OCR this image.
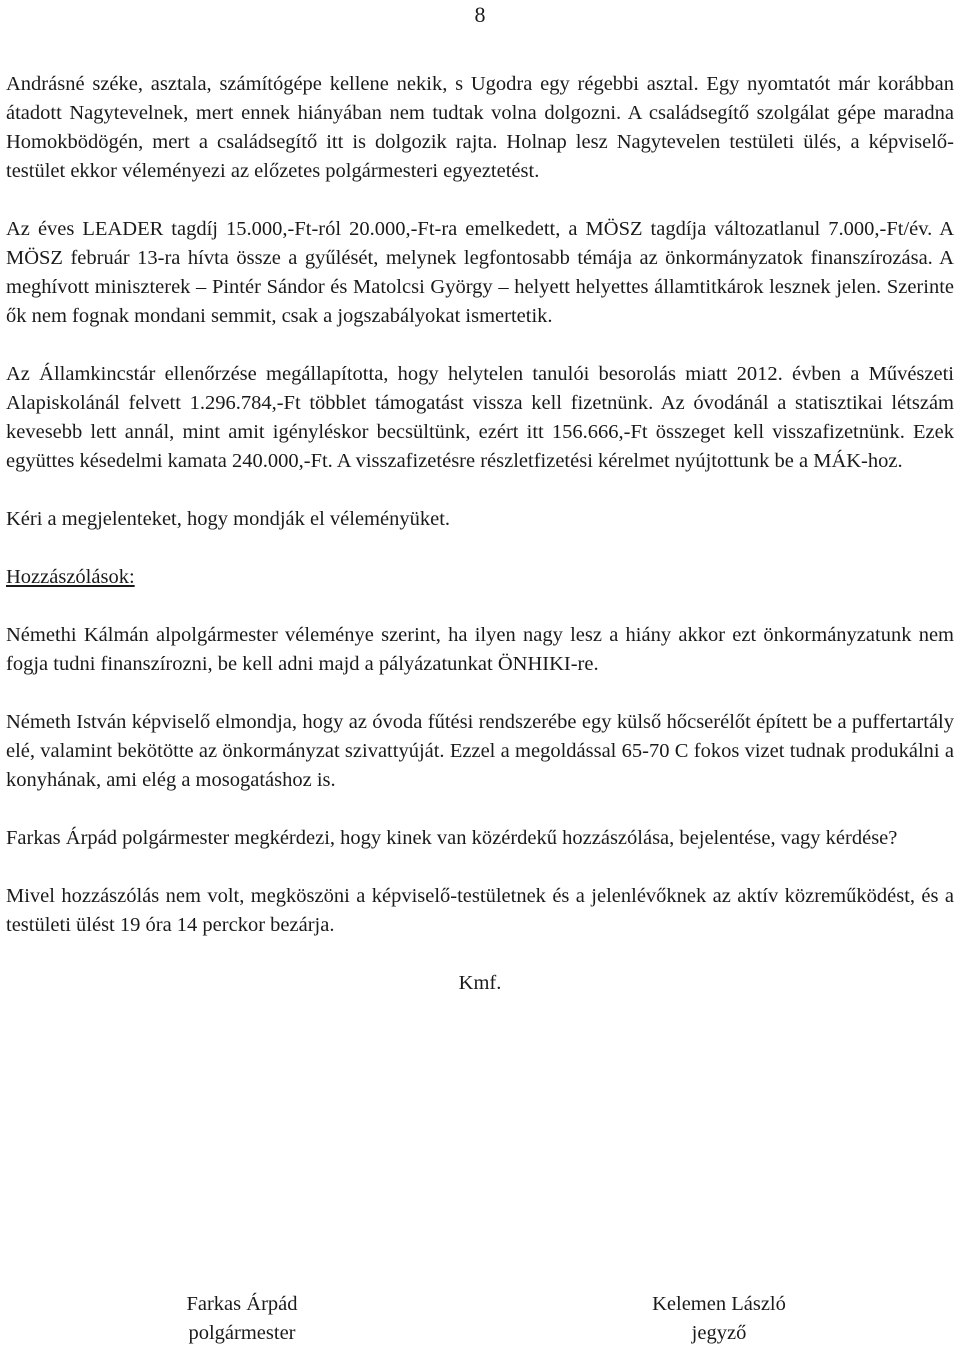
8

Andrásné széke, asztala, számítógépe kellene nekik, s Ugodra egy régebbi asztal. Egy nyomtatót már korábban átadott Nagytevelnek, mert ennek hiányában nem tudtak volna dolgozni. A családsegítő szolgálat gépe maradna Homokbödögén, mert a családsegítő itt is dolgozik rajta. Holnap lesz Nagytevelen testületi ülés, a képviselő-testület ekkor véleményezi az előzetes polgármesteri egyeztetést.

Az éves LEADER tagdíj 15.000,-Ft-ról 20.000,-Ft-ra emelkedett, a MÖSZ tagdíja változatlanul 7.000,-Ft/év. A MÖSZ február 13-ra hívta össze a gyűlését, melynek legfontosabb témája az önkormányzatok finanszírozása. A meghívott miniszterek – Pintér Sándor és Matolcsi György – helyett helyettes államtitkárok lesznek jelen. Szerinte ők nem fognak mondani semmit, csak a jogszabályokat ismertetik.

Az Államkincstár ellenőrzése megállapította, hogy helytelen tanulói besorolás miatt 2012. évben a Művészeti Alapiskolánál felvett 1.296.784,-Ft többlet támogatást vissza kell fizetnünk. Az óvodánál a statisztikai létszám kevesebb lett annál, mint amit igényléskor becsültünk, ezért itt 156.666,-Ft összeget kell visszafizetnünk. Ezek együttes késedelmi kamata 240.000,-Ft. A visszafizetésre részletfizetési kérelmet nyújtottunk be a MÁK-hoz.

Kéri a megjelenteket, hogy mondják el véleményüket.

Hozzászólások:

Némethi Kálmán alpolgármester véleménye szerint, ha ilyen nagy lesz a hiány akkor ezt önkormányzatunk nem fogja tudni finanszírozni, be kell adni majd a pályázatunkat ÖNHIKI-re.

Németh István képviselő elmondja, hogy az óvoda fűtési rendszerébe egy külső hőcserélőt épített be a puffertartály elé, valamint bekötötte az önkormányzat szivattyúját. Ezzel a megoldással 65-70 C fokos vizet tudnak produkálni a konyhának, ami elég a mosogatáshoz is.

Farkas Árpád polgármester megkérdezi, hogy kinek van közérdekű hozzászólása, bejelentése, vagy kérdése?

Mivel hozzászólás nem volt, megköszöni a képviselő-testületnek és a jelenlévőknek az aktív közreműködést, és a testületi ülést 19 óra 14 perckor bezárja.

Kmf.

Farkas Árpád
polgármester
Kelemen László
jegyző
